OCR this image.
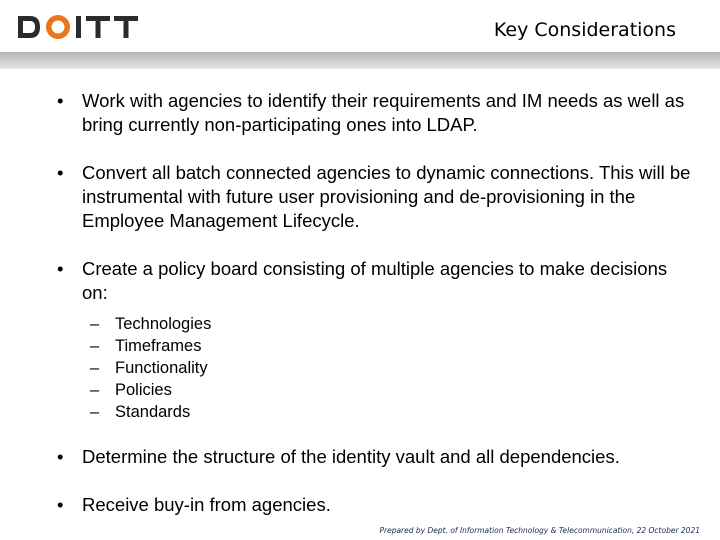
Key Considerations
• Work with agencies to identify their requirements and IM needs as well as bring currently non-participating ones into LDAP.
• Convert all batch connected agencies to dynamic connections. This will be instrumental with future user provisioning and de-provisioning in the Employee Management Lifecycle.
• Create a policy board consisting of multiple agencies to make decisions on:
– Technologies
– Timeframes
– Functionality
– Policies
– Standards
• Determine the structure of the identity vault and all dependencies.
• Receive buy-in from agencies.
Prepared by Dept. of Information Technology & Telecommunication, 22 October 2021
